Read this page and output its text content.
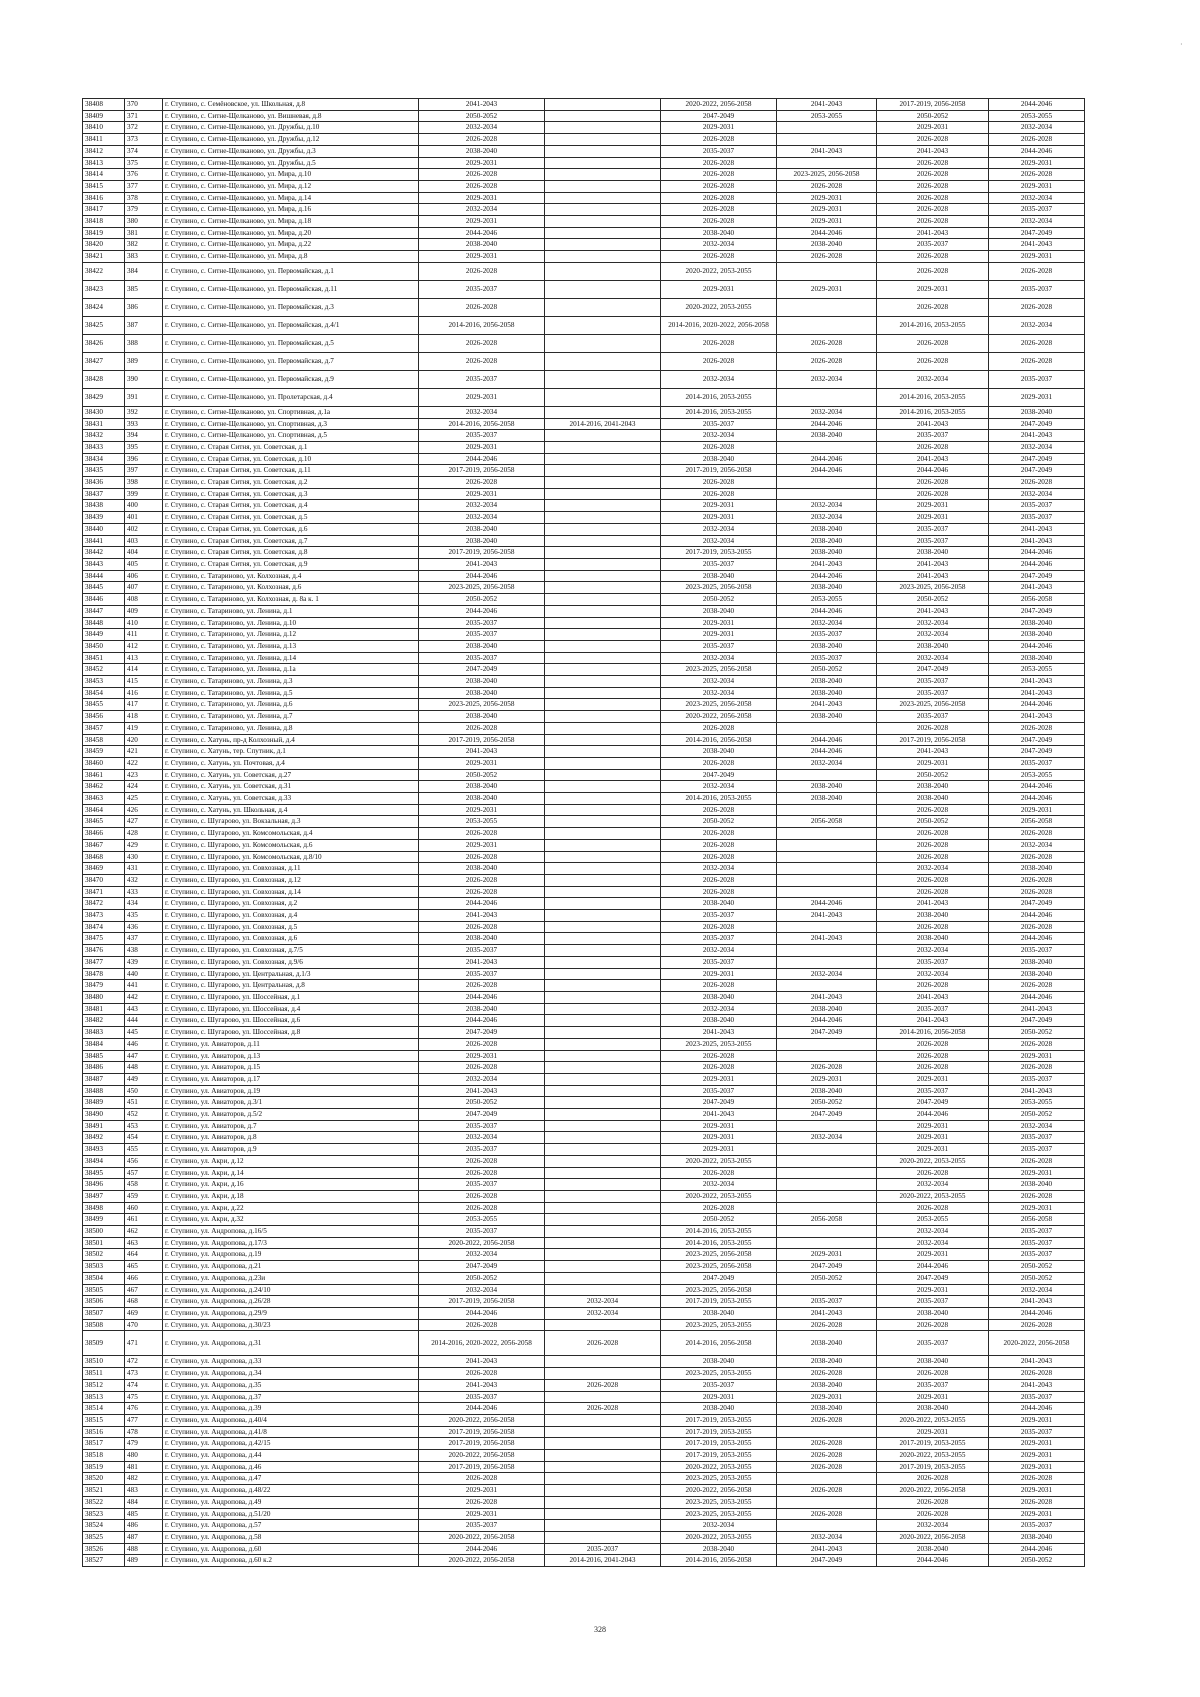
38408	370	г. Ступино, с. Семёновское, ул. Школьная, д.8	2041-2043		2020-2022, 2056-2058	2041-2043	2017-2019, 2056-2058	2044-2046
38409	371	г. Ступино, с. Ситне-Щелканово, ул. Вишневая, д.8	2050-2052		2047-2049	2053-2055	2050-2052	2053-2055
38410	372	г. Ступино, с. Ситне-Щелканово, ул. Дружбы, д.10	2032-2034		2029-2031		2029-2031	2032-2034
38411	373	г. Ступино, с. Ситне-Щелканово, ул. Дружбы, д.12	2026-2028		2026-2028		2026-2028	2026-2028
38412	374	г. Ступино, с. Ситне-Щелканово, ул. Дружбы, д.3	2038-2040		2035-2037	2041-2043	2041-2043	2044-2046
38413	375	г. Ступино, с. Ситне-Щелканово, ул. Дружбы, д.5	2029-2031		2026-2028		2026-2028	2029-2031
38414	376	г. Ступино, с. Ситне-Щелканово, ул. Мира, д.10	2026-2028		2026-2028	2023-2025, 2056-2058	2026-2028	2026-2028
38415	377	г. Ступино, с. Ситне-Щелканово, ул. Мира, д.12	2026-2028		2026-2028	2026-2028	2026-2028	2029-2031
38416	378	г. Ступино, с. Ситне-Щелканово, ул. Мира, д.14	2029-2031		2026-2028	2029-2031	2026-2028	2032-2034
38417	379	г. Ступино, с. Ситне-Щелканово, ул. Мира, д.16	2032-2034		2026-2028	2029-2031	2026-2028	2035-2037
38418	380	г. Ступино, с. Ситне-Щелканово, ул. Мира, д.18	2029-2031		2026-2028	2029-2031	2026-2028	2032-2034
38419	381	г. Ступино, с. Ситне-Щелканово, ул. Мира, д.20	2044-2046		2038-2040	2044-2046	2041-2043	2047-2049
38420	382	г. Ступино, с. Ситне-Щелканово, ул. Мира, д.22	2038-2040		2032-2034	2038-2040	2035-2037	2041-2043
38421	383	г. Ступино, с. Ситне-Щелканово, ул. Мира, д.8	2029-2031		2026-2028	2026-2028	2026-2028	2029-2031
38422	384	г. Ступино, с. Ситне-Щелканово, ул. Первомайская, д.1	2026-2028		2020-2022, 2053-2055		2026-2028	2026-2028
38423	385	г. Ступино, с. Ситне-Щелканово, ул. Первомайская, д.11	2035-2037		2029-2031	2029-2031	2029-2031	2035-2037
38424	386	г. Ступино, с. Ситне-Щелканово, ул. Первомайская, д.3	2026-2028		2020-2022, 2053-2055		2026-2028	2026-2028
38425	387	г. Ступино, с. Ситне-Щелканово, ул. Первомайская, д.4/1	2014-2016, 2056-2058		2014-2016, 2020-2022, 2056-2058		2014-2016, 2053-2055	2032-2034
38426	388	г. Ступино, с. Ситне-Щелканово, ул. Первомайская, д.5	2026-2028		2026-2028	2026-2028	2026-2028	2026-2028
38427	389	г. Ступино, с. Ситне-Щелканово, ул. Первомайская, д.7	2026-2028		2026-2028	2026-2028	2026-2028	2026-2028
38428	390	г. Ступино, с. Ситне-Щелканово, ул. Первомайская, д.9	2035-2037		2032-2034	2032-2034	2032-2034	2035-2037
38429	391	г. Ступино, с. Ситне-Щелканово, ул. Пролетарская, д.4	2029-2031		2014-2016, 2053-2055		2014-2016, 2053-2055	2029-2031
38430	392	г. Ступино, с. Ситне-Щелканово, ул. Спортивная, д.1а	2032-2034		2014-2016, 2053-2055	2032-2034	2014-2016, 2053-2055	2038-2040
38431	393	г. Ступино, с. Ситне-Щелканово, ул. Спортивная, д.3	2014-2016, 2056-2058	2014-2016, 2041-2043	2035-2037	2044-2046	2041-2043	2047-2049
38432	394	г. Ступино, с. Ситне-Щелканово, ул. Спортивная, д.5	2035-2037		2032-2034	2038-2040	2035-2037	2041-2043
38433	395	г. Ступино, с. Старая Ситня, ул. Советская, д.1	2029-2031		2026-2028		2026-2028	2032-2034
38434	396	г. Ступино, с. Старая Ситня, ул. Советская, д.10	2044-2046		2038-2040	2044-2046	2041-2043	2047-2049
38435	397	г. Ступино, с. Старая Ситня, ул. Советская, д.11	2017-2019, 2056-2058		2017-2019, 2056-2058	2044-2046	2044-2046	2047-2049
38436	398	г. Ступино, с. Старая Ситня, ул. Советская, д.2	2026-2028		2026-2028		2026-2028	2026-2028
38437	399	г. Ступино, с. Старая Ситня, ул. Советская, д.3	2029-2031		2026-2028		2026-2028	2032-2034
38438	400	г. Ступино, с. Старая Ситня, ул. Советская, д.4	2032-2034		2029-2031	2032-2034	2029-2031	2035-2037
38439	401	г. Ступино, с. Старая Ситня, ул. Советская, д.5	2032-2034		2029-2031	2032-2034	2029-2031	2035-2037
38440	402	г. Ступино, с. Старая Ситня, ул. Советская, д.6	2038-2040		2032-2034	2038-2040	2035-2037	2041-2043
38441	403	г. Ступино, с. Старая Ситня, ул. Советская, д.7	2038-2040		2032-2034	2038-2040	2035-2037	2041-2043
38442	404	г. Ступино, с. Старая Ситня, ул. Советская, д.8	2017-2019, 2056-2058		2017-2019, 2053-2055	2038-2040	2038-2040	2044-2046
38443	405	г. Ступино, с. Старая Ситня, ул. Советская, д.9	2041-2043		2035-2037	2041-2043	2041-2043	2044-2046
38444	406	г. Ступино, с. Татариново, ул. Колхозная, д.4	2044-2046		2038-2040	2044-2046	2041-2043	2047-2049
38445	407	г. Ступино, с. Татариново, ул. Колхозная, д.6	2023-2025, 2056-2058		2023-2025, 2056-2058	2038-2040	2023-2025, 2056-2058	2041-2043
38446	408	г. Ступино, с. Татариново, ул. Колхозная, д. 8а к. 1	2050-2052		2050-2052	2053-2055	2050-2052	2056-2058
38447	409	г. Ступино, с. Татариново, ул. Ленина, д.1	2044-2046		2038-2040	2044-2046	2041-2043	2047-2049
38448	410	г. Ступино, с. Татариново, ул. Ленина, д.10	2035-2037		2029-2031	2032-2034	2032-2034	2038-2040
38449	411	г. Ступино, с. Татариново, ул. Ленина, д.12	2035-2037		2029-2031	2035-2037	2032-2034	2038-2040
38450	412	г. Ступино, с. Татариново, ул. Ленина, д.13	2038-2040		2035-2037	2038-2040	2038-2040	2044-2046
38451	413	г. Ступино, с. Татариново, ул. Ленина, д.14	2035-2037		2032-2034	2035-2037	2032-2034	2038-2040
38452	414	г. Ступино, с. Татариново, ул. Ленина, д.1а	2047-2049		2023-2025, 2056-2058	2050-2052	2047-2049	2053-2055
38453	415	г. Ступино, с. Татариново, ул. Ленина, д.3	2038-2040		2032-2034	2038-2040	2035-2037	2041-2043
38454	416	г. Ступино, с. Татариново, ул. Ленина, д.5	2038-2040		2032-2034	2038-2040	2035-2037	2041-2043
38455	417	г. Ступино, с. Татариново, ул. Ленина, д.6	2023-2025, 2056-2058		2023-2025, 2056-2058	2041-2043	2023-2025, 2056-2058	2044-2046
38456	418	г. Ступино, с. Татариново, ул. Ленина, д.7	2038-2040		2020-2022, 2056-2058	2038-2040	2035-2037	2041-2043
38457	419	г. Ступино, с. Татариново, ул. Ленина, д.8	2026-2028		2026-2028		2026-2028	2026-2028
38458	420	г. Ступино, с. Хатунь, пр-д Колхозный, д.4	2017-2019, 2056-2058		2014-2016, 2056-2058	2044-2046	2017-2019, 2056-2058	2047-2049
38459	421	г. Ступино, с. Хатунь, тер. Спутник, д.1	2041-2043		2038-2040	2044-2046	2041-2043	2047-2049
38460	422	г. Ступино, с. Хатунь, ул. Почтовая, д.4	2029-2031		2026-2028	2032-2034	2029-2031	2035-2037
38461	423	г. Ступино, с. Хатунь, ул. Советская, д.27	2050-2052		2047-2049		2050-2052	2053-2055
38462	424	г. Ступино, с. Хатунь, ул. Советская, д.31	2038-2040		2032-2034	2038-2040	2038-2040	2044-2046
38463	425	г. Ступино, с. Хатунь, ул. Советская, д.33	2038-2040		2014-2016, 2053-2055	2038-2040	2038-2040	2044-2046
38464	426	г. Ступино, с. Хатунь, ул. Школьная, д.4	2029-2031		2026-2028		2026-2028	2029-2031
38465	427	г. Ступино, с. Шугарово, ул. Вокзальная, д.3	2053-2055		2050-2052	2056-2058	2050-2052	2056-2058
38466	428	г. Ступино, с. Шугарово, ул. Комсомольская, д.4	2026-2028		2026-2028		2026-2028	2026-2028
38467	429	г. Ступино, с. Шугарово, ул. Комсомольская, д.6	2029-2031		2026-2028		2026-2028	2032-2034
38468	430	г. Ступино, с. Шугарово, ул. Комсомольская, д.8/10	2026-2028		2026-2028		2026-2028	2026-2028
38469	431	г. Ступино, с. Шугарово, ул. Совхозная, д.11	2038-2040		2032-2034		2032-2034	2038-2040
38470	432	г. Ступино, с. Шугарово, ул. Совхозная, д.12	2026-2028		2026-2028		2026-2028	2026-2028
38471	433	г. Ступино, с. Шугарово, ул. Совхозная, д.14	2026-2028		2026-2028		2026-2028	2026-2028
38472	434	г. Ступино, с. Шугарово, ул. Совхозная, д.2	2044-2046		2038-2040	2044-2046	2041-2043	2047-2049
38473	435	г. Ступино, с. Шугарово, ул. Совхозная, д.4	2041-2043		2035-2037	2041-2043	2038-2040	2044-2046
38474	436	г. Ступино, с. Шугарово, ул. Совхозная, д.5	2026-2028		2026-2028		2026-2028	2026-2028
38475	437	г. Ступино, с. Шугарово, ул. Совхозная, д.6	2038-2040		2035-2037	2041-2043	2038-2040	2044-2046
38476	438	г. Ступино, с. Шугарово, ул. Совхозная, д.7/5	2035-2037		2032-2034		2032-2034	2035-2037
38477	439	г. Ступино, с. Шугарово, ул. Совхозная, д.9/6	2041-2043		2035-2037		2035-2037	2038-2040
38478	440	г. Ступино, с. Шугарово, ул. Центральная, д.1/3	2035-2037		2029-2031	2032-2034	2032-2034	2038-2040
38479	441	г. Ступино, с. Шугарово, ул. Центральная, д.8	2026-2028		2026-2028		2026-2028	2026-2028
38480	442	г. Ступино, с. Шугарово, ул. Шоссейная, д.1	2044-2046		2038-2040	2041-2043	2041-2043	2044-2046
38481	443	г. Ступино, с. Шугарово, ул. Шоссейная, д.4	2038-2040		2032-2034	2038-2040	2035-2037	2041-2043
38482	444	г. Ступино, с. Шугарово, ул. Шоссейная, д.6	2044-2046		2038-2040	2044-2046	2041-2043	2047-2049
38483	445	г. Ступино, с. Шугарово, ул. Шоссейная, д.8	2047-2049		2041-2043	2047-2049	2014-2016, 2056-2058	2050-2052
38484	446	г. Ступино, ул. Авиаторов, д.11	2026-2028		2023-2025, 2053-2055		2026-2028	2026-2028
38485	447	г. Ступино, ул. Авиаторов, д.13	2029-2031		2026-2028		2026-2028	2029-2031
38486	448	г. Ступино, ул. Авиаторов, д.15	2026-2028		2026-2028	2026-2028	2026-2028	2026-2028
38487	449	г. Ступино, ул. Авиаторов, д.17	2032-2034		2029-2031	2029-2031	2029-2031	2035-2037
38488	450	г. Ступино, ул. Авиаторов, д.19	2041-2043		2035-2037	2038-2040	2035-2037	2041-2043
38489	451	г. Ступино, ул. Авиаторов, д.3/1	2050-2052		2047-2049	2050-2052	2047-2049	2053-2055
38490	452	г. Ступино, ул. Авиаторов, д.5/2	2047-2049		2041-2043	2047-2049	2044-2046	2050-2052
38491	453	г. Ступино, ул. Авиаторов, д.7	2035-2037		2029-2031		2029-2031	2032-2034
38492	454	г. Ступино, ул. Авиаторов, д.8	2032-2034		2029-2031	2032-2034	2029-2031	2035-2037
38493	455	г. Ступино, ул. Авиаторов, д.9	2035-2037		2029-2031		2029-2031	2035-2037
38494	456	г. Ступино, ул. Акри, д.12	2026-2028		2020-2022, 2053-2055		2020-2022, 2053-2055	2026-2028
38495	457	г. Ступино, ул. Акри, д.14	2026-2028		2026-2028		2026-2028	2029-2031
38496	458	г. Ступино, ул. Акри, д.16	2035-2037		2032-2034		2032-2034	2038-2040
38497	459	г. Ступино, ул. Акри, д.18	2026-2028		2020-2022, 2053-2055		2020-2022, 2053-2055	2026-2028
38498	460	г. Ступино, ул. Акри, д.22	2026-2028		2026-2028		2026-2028	2029-2031
38499	461	г. Ступино, ул. Акри, д.32	2053-2055		2050-2052	2056-2058	2053-2055	2056-2058
38500	462	г. Ступино, ул. Андропова, д.16/5	2035-2037		2014-2016, 2053-2055		2032-2034	2035-2037
38501	463	г. Ступино, ул. Андропова, д.17/3	2020-2022, 2056-2058		2014-2016, 2053-2055		2032-2034	2035-2037
38502	464	г. Ступино, ул. Андропова, д.19	2032-2034		2023-2025, 2056-2058	2029-2031	2029-2031	2035-2037
38503	465	г. Ступино, ул. Андропова, д.21	2047-2049		2023-2025, 2056-2058	2047-2049	2044-2046	2050-2052
38504	466	г. Ступино, ул. Андропова, д.23и	2050-2052		2047-2049	2050-2052	2047-2049	2050-2052
38505	467	г. Ступино, ул. Андропова, д.24/10	2032-2034		2023-2025, 2056-2058		2029-2031	2032-2034
38506	468	г. Ступино, ул. Андропова, д.26/28	2017-2019, 2056-2058	2032-2034	2017-2019, 2053-2055	2035-2037	2035-2037	2041-2043
38507	469	г. Ступино, ул. Андропова, д.29/9	2044-2046	2032-2034	2038-2040	2041-2043	2038-2040	2044-2046
38508	470	г. Ступино, ул. Андропова, д.30/23	2026-2028		2023-2025, 2053-2055	2026-2028	2026-2028	2026-2028
38509	471	г. Ступино, ул. Андропова, д.31	2014-2016, 2020-2022, 2056-2058	2026-2028	2014-2016, 2056-2058	2038-2040	2035-2037	2020-2022, 2056-2058
38510	472	г. Ступино, ул. Андропова, д.33	2041-2043		2038-2040	2038-2040	2038-2040	2041-2043
38511	473	г. Ступино, ул. Андропова, д.34	2026-2028		2023-2025, 2053-2055	2026-2028	2026-2028	2026-2028
38512	474	г. Ступино, ул. Андропова, д.35	2041-2043	2026-2028	2035-2037	2038-2040	2035-2037	2041-2043
38513	475	г. Ступино, ул. Андропова, д.37	2035-2037		2029-2031	2029-2031	2029-2031	2035-2037
38514	476	г. Ступино, ул. Андропова, д.39	2044-2046	2026-2028	2038-2040	2038-2040	2038-2040	2044-2046
38515	477	г. Ступино, ул. Андропова, д.40/4	2020-2022, 2056-2058		2017-2019, 2053-2055	2026-2028	2020-2022, 2053-2055	2029-2031
38516	478	г. Ступино, ул. Андропова, д.41/8	2017-2019, 2056-2058		2017-2019, 2053-2055		2029-2031	2035-2037
38517	479	г. Ступино, ул. Андропова, д.42/15	2017-2019, 2056-2058		2017-2019, 2053-2055	2026-2028	2017-2019, 2053-2055	2029-2031
38518	480	г. Ступино, ул. Андропова, д.44	2020-2022, 2056-2058		2017-2019, 2053-2055	2026-2028	2020-2022, 2053-2055	2029-2031
38519	481	г. Ступино, ул. Андропова, д.46	2017-2019, 2056-2058		2020-2022, 2053-2055	2026-2028	2017-2019, 2053-2055	2029-2031
38520	482	г. Ступино, ул. Андропова, д.47	2026-2028		2023-2025, 2053-2055		2026-2028	2026-2028
38521	483	г. Ступино, ул. Андропова, д.48/22	2029-2031		2020-2022, 2056-2058	2026-2028	2020-2022, 2056-2058	2029-2031
38522	484	г. Ступино, ул. Андропова, д.49	2026-2028		2023-2025, 2053-2055		2026-2028	2026-2028
38523	485	г. Ступино, ул. Андропова, д.51/20	2029-2031		2023-2025, 2053-2055	2026-2028	2026-2028	2029-2031
38524	486	г. Ступино, ул. Андропова, д.57	2035-2037		2032-2034		2032-2034	2035-2037
38525	487	г. Ступино, ул. Андропова, д.58	2020-2022, 2056-2058		2020-2022, 2053-2055	2032-2034	2020-2022, 2056-2058	2038-2040
38526	488	г. Ступино, ул. Андропова, д.60	2044-2046	2035-2037	2038-2040	2041-2043	2038-2040	2044-2046
38527	489	г. Ступино, ул. Андропова, д.60 к.2	2020-2022, 2056-2058	2014-2016, 2041-2043	2014-2016, 2056-2058	2047-2049	2044-2046	2050-2052
328
·
